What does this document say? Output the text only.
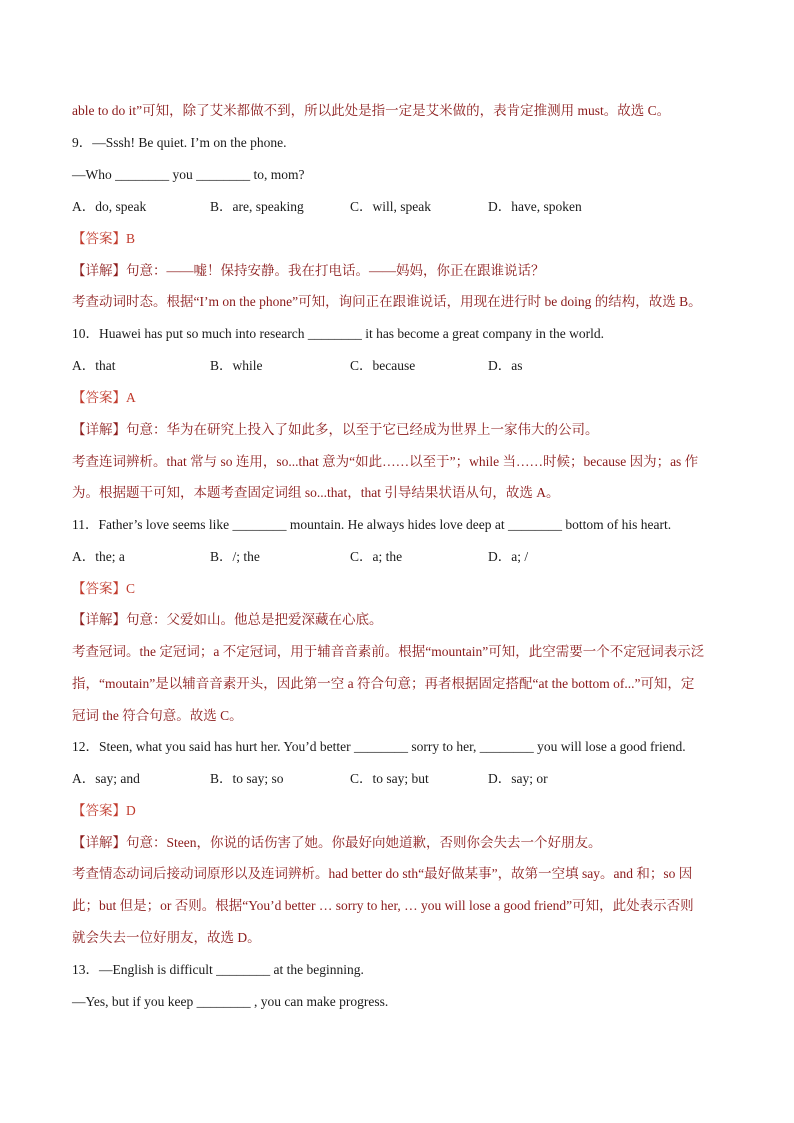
able to do it”可知，除了艾米都做不到，所以此处是指一定是艾米做的，表肯定推测用 must。故选 C。
9．—Sssh! Be quiet. I’m on the phone.
—Who ________ you ________ to, mom?
A．do, speak	B．are, speaking	C．will, speak	D．have, spoken
【答案】B
【详解】句意：——嘘！保持安静。我在打电话。——妈妈，你正在跟谁说话？
考查动词时态。根据“I’m on the phone”可知，询问正在跟谁说话，用现在进行时 be doing 的结构，故选 B。
10．Huawei has put so much into research ________ it has become a great company in the world.
A．that	B．while	C．because	D．as
【答案】A
【详解】句意：华为在研究上投入了如此多，以至于它已经成为世界上一家伟大的公司。
考查连词辨析。that 常与 so 连用，so...that 意为“如此……以至于”；while 当……时候；because 因为；as 作
为。根据题干可知，本题考查固定词组 so...that，that 引导结果状语从句，故选 A。
11．Father’s love seems like ________ mountain. He always hides love deep at ________ bottom of his heart.
A．the; a	B．/; the	C．a; the	D．a; /
【答案】C
【详解】句意：父爱如山。他总是把爱深藏在心底。
考查冠词。the 定冠词；a 不定冠词，用于辅音音素前。根据“mountain”可知，此空需要一个不定冠词表示泛
指，“moutain”是以辅音音素开头，因此第一空 a 符合句意；再者根据固定搭配“at the bottom of...”可知，定
冠词 the 符合句意。故选 C。
12．Steen, what you said has hurt her. You’d better ________ sorry to her, ________ you will lose a good friend.
A．say; and	B．to say; so	C．to say; but	D．say; or
【答案】D
【详解】句意：Steen，你说的话伤害了她。你最好向她道歉，否则你会失去一个好朋友。
考查情态动词后接动词原形以及连词辨析。had better do sth“最好做某事”，故第一空填 say。and 和；so 因
此；but 但是；or 否则。根据“You’d better … sorry to her, … you will lose a good friend”可知，此处表示否则
就会失去一位好朋友，故选 D。
13．—English is difficult ________ at the beginning.
—Yes, but if you keep ________ , you can make progress.
